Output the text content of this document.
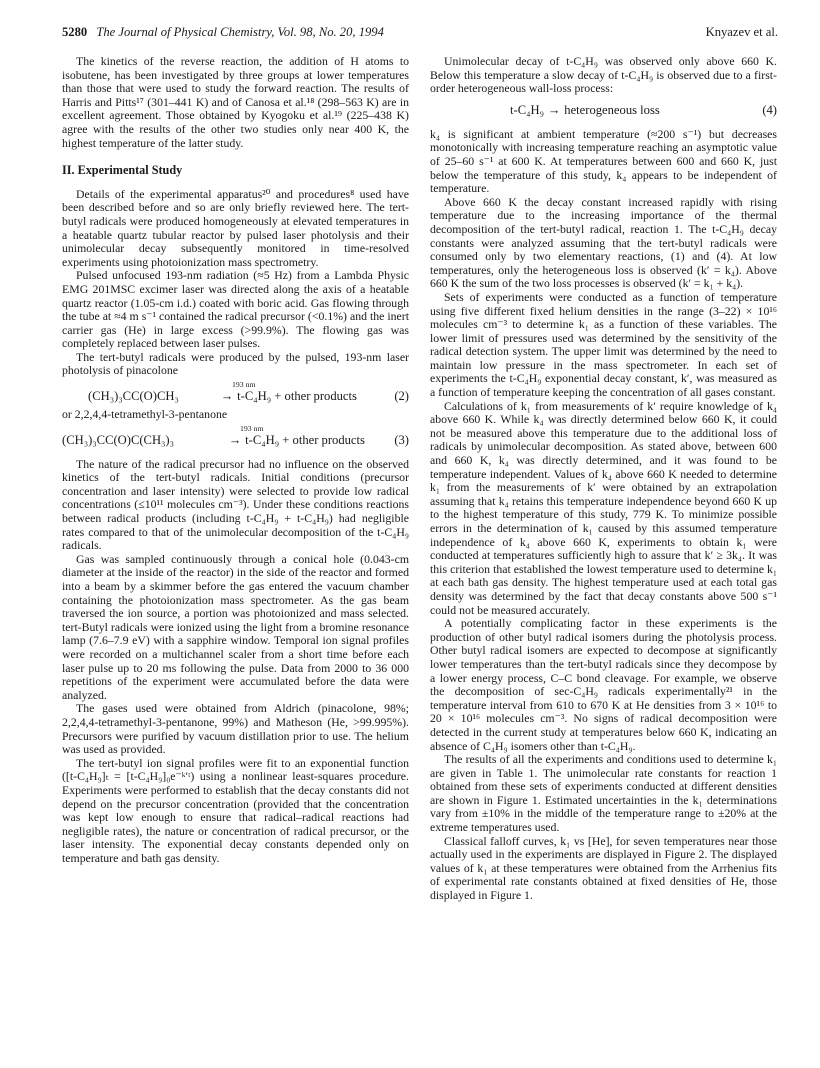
5280 The Journal of Physical Chemistry, Vol. 98, No. 20, 1994	Knyazev et al.

The kinetics of the reverse reaction, the addition of H atoms to isobutene, has been investigated by three groups at lower temperatures than those that were used to study the forward reaction. The results of Harris and Pitts¹⁷ (301–441 K) and of Canosa et al.¹⁸ (298–563 K) are in excellent agreement. Those obtained by Kyogoku et al.¹⁹ (225–438 K) agree with the results of the other two studies only near 400 K, the highest temperature of the latter study.

II. Experimental Study

Details of the experimental apparatus²⁰ and procedures⁸ used have been described before and so are only briefly reviewed here. The tert-butyl radicals were produced homogeneously at elevated temperatures in a heatable quartz tubular reactor by pulsed laser photolysis and their unimolecular decay subsequently monitored in time-resolved experiments using photoionization mass spectrometry.

Pulsed unfocused 193-nm radiation (≈5 Hz) from a Lambda Physic EMG 201MSC excimer laser was directed along the axis of a heatable quartz reactor (1.05-cm i.d.) coated with boric acid. Gas flowing through the tube at ≈4 m s⁻¹ contained the radical precursor (<0.1%) and the inert carrier gas (He) in large excess (>99.9%). The flowing gas was completely replaced between laser pulses.

The tert-butyl radicals were produced by the pulsed, 193-nm laser photolysis of pinacolone

(CH₃)₃CC(O)CH₃
193 nm
→ t-C₄H₉ + other products	(2)

or 2,2,4,4-tetramethyl-3-pentanone

(CH₃)₃CC(O)C(CH₃)₃
193 nm
→ t-C₄H₉ + other products (3)

The nature of the radical precursor had no influence on the observed kinetics of the tert-butyl radicals. Initial conditions (precursor concentration and laser intensity) were selected to provide low radical concentrations (≤10¹¹ molecules cm⁻³). Under these conditions reactions between radical products (including t-C₄H₉ + t-C₄H₉) had negligible rates compared to that of the unimolecular decomposition of the t-C₄H₉ radicals.

Gas was sampled continuously through a conical hole (0.043-cm diameter at the inside of the reactor) in the side of the reactor and formed into a beam by a skimmer before the gas entered the vacuum chamber containing the photoionization mass spectrometer. As the gas beam traversed the ion source, a portion was photoionized and mass selected. tert-Butyl radicals were ionized using the light from a bromine resonance lamp (7.6–7.9 eV) with a sapphire window. Temporal ion signal profiles were recorded on a multichannel scaler from a short time before each laser pulse up to 20 ms following the pulse. Data from 2000 to 36 000 repetitions of the experiment were accumulated before the data were analyzed.

The gases used were obtained from Aldrich (pinacolone, 98%; 2,2,4,4-tetramethyl-3-pentanone, 99%) and Matheson (He, >99.995%). Precursors were purified by vacuum distillation prior to use. The helium was used as provided.

The tert-butyl ion signal profiles were fit to an exponential function ([t-C₄H₉]ₜ = [t-C₄H₉]₀e⁻ᵏ′ᵗ) using a nonlinear least-squares procedure. Experiments were performed to establish that the decay constants did not depend on the precursor concentration (provided that the concentration was kept low enough to ensure that radical–radical reactions had negligible rates), the nature or concentration of radical precursor, or the laser intensity. The exponential decay constants depended only on temperature and bath gas density.

Unimolecular decay of t-C₄H₉ was observed only above 660 K. Below this temperature a slow decay of t-C₄H₉ is observed due to a first-order heterogeneous wall-loss process:

t-C₄H₉ → heterogeneous loss	(4)

k₄ is significant at ambient temperature (≈200 s⁻¹) but decreases monotonically with increasing temperature reaching an asymptotic value of 25–60 s⁻¹ at 600 K. At temperatures between 600 and 660 K, just below the temperature of this study, k₄ appears to be independent of temperature.

Above 660 K the decay constant increased rapidly with rising temperature due to the increasing importance of the thermal decomposition of the tert-butyl radical, reaction 1. The t-C₄H₉ decay constants were analyzed assuming that the tert-butyl radicals were consumed only by two elementary reactions, (1) and (4). At low temperatures, only the heterogeneous loss is observed (k′ = k₄). Above 660 K the sum of the two loss processes is observed (k′ = k₁ + k₄).

Sets of experiments were conducted as a function of temperature using five different fixed helium densities in the range (3–22) × 10¹⁶ molecules cm⁻³ to determine k₁ as a function of these variables. The lower limit of pressures used was determined by the sensitivity of the radical detection system. The upper limit was determined by the need to maintain low pressure in the mass spectrometer. In each set of experiments the t-C₄H₉ exponential decay constant, k′, was measured as a function of temperature keeping the concentration of all gases constant.

Calculations of k₁ from measurements of k′ require knowledge of k₄ above 660 K. While k₄ was directly determined below 660 K, it could not be measured above this temperature due to the additional loss of radicals by unimolecular decomposition. As stated above, between 600 and 660 K, k₄ was directly determined, and it was found to be temperature independent. Values of k₄ above 660 K needed to determine k₁ from the measurements of k′ were obtained by an extrapolation assuming that k₄ retains this temperature independence beyond 660 K up to the highest temperature of this study, 779 K. To minimize possible errors in the determination of k₁ caused by this assumed temperature independence of k₄ above 660 K, experiments to obtain k₁ were conducted at temperatures sufficiently high to assure that k′ ≥ 3k₄. It was this criterion that established the lowest temperature used to determine k₁ at each bath gas density. The highest temperature used at each total gas density was determined by the fact that decay constants above 500 s⁻¹ could not be measured accurately.

A potentially complicating factor in these experiments is the production of other butyl radical isomers during the photolysis process. Other butyl radical isomers are expected to decompose at significantly lower temperatures than the tert-butyl radicals since they decompose by a lower energy process, C–C bond cleavage. For example, we observe the decomposition of sec-C₄H₉ radicals experimentally²¹ in the temperature interval from 610 to 670 K at He densities from 3 × 10¹⁶ to 20 × 10¹⁶ molecules cm⁻³. No signs of radical decomposition were detected in the current study at temperatures below 660 K, indicating an absence of C₄H₉ isomers other than t-C₄H₉.

The results of all the experiments and conditions used to determine k₁ are given in Table 1. The unimolecular rate constants for reaction 1 obtained from these sets of experiments conducted at different densities are shown in Figure 1. Estimated uncertainties in the k₁ determinations vary from ±10% in the middle of the temperature range to ±20% at the extreme temperatures used.

Classical falloff curves, k₁ vs [He], for seven temperatures near those actually used in the experiments are displayed in Figure 2. The displayed values of k₁ at these temperatures were obtained from the Arrhenius fits of experimental rate constants obtained at fixed densities of He, those displayed in Figure 1.
